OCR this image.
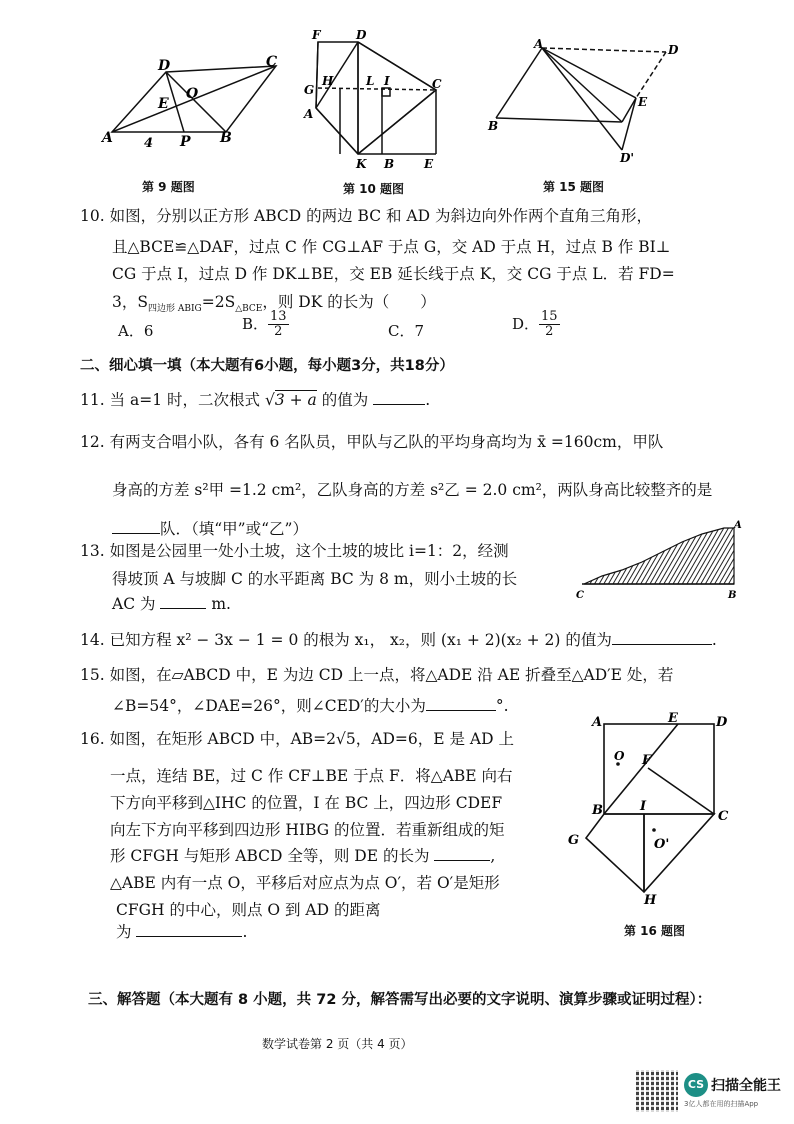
D	C
E
O
A	B
P
4
第 9 题图
F	D
H	L I
G	C
A
K B E
第 10 题图
A	D
E
B
D'
第 15 题图
10. 如图，分别以正方形 ABCD 的两边 BC 和 AD 为斜边向外作两个直角三角形，
且△BCE≌△DAF，过点 C 作 CG⊥AF 于点 G，交 AD 于点 H，过点 B 作 BI⊥
CG 于点 I，过点 D 作 DK⊥BE，交 EB 延长线于点 K，交 CG 于点 L．若 FD=
3，$S_{四边形 ABIG}=2S_{\triangle BCE}$，则 DK 的长为（　　）
A．6	B． $\frac{13}{2}$	C．7	D． $\frac{15}{2}$
二、细心填一填（本大题有6小题，每小题3分，共18分）
11. 当 a=1 时，二次根式 √3 + a 的值为	.
12. 有两支合唱小队，各有 6 名队员，甲队与乙队的平均身高均为 x̄ =160cm，甲队
身高的方差 s²甲 =1.2 cm²，乙队身高的方差 s²乙 = 2.0 cm²，两队身高比较整齐的是
队．（填“甲”或“乙”）
13. 如图是公园里一处小土坡，这个土坡的坡比 i=1：2，经测
得坡顶 A 与坡脚 C 的水平距离 BC 为 8 m，则小土坡的长
AC 为	m.
A
C	B
14. 已知方程 x² − 3x − 1 = 0 的根为 x₁， x₂，则 (x₁ + 2)(x₂ + 2) 的值为	.
15. 如图，在▱ABCD 中，E 为边 CD 上一点，将△ADE 沿 AE 折叠至△AD′E 处，若
∠B=54°，∠DAE=26°，则∠CED′的大小为	°.
16. 如图，在矩形 ABCD 中，AB=2√5，AD=6，E 是 AD 上
一点，连结 BE，过 C 作 CF⊥BE 于点 F．将△ABE 向右
下方向平移到△IHC 的位置，I 在 BC 上，四边形 CDEF
向左下方向平移到四边形 HIBG 的位置．若重新组成的矩
形 CFGH 与矩形 ABCD 全等，则 DE 的长为	,
△ABE 内有一点 O，平移后对应点为点 O′，若 O′是矩形
CFGH 的中心，则点 O 到 AD 的距离
为	.
A	E	D
O F
B	I
C
G	O'
H
第 16 题图
三、解答题（本大题有 8 小题，共 72 分，解答需写出必要的文字说明、演算步骤或证明过程）：
数学试卷第 2 页（共 4 页）
CS 扫描全能王
3亿人都在用的扫描App
